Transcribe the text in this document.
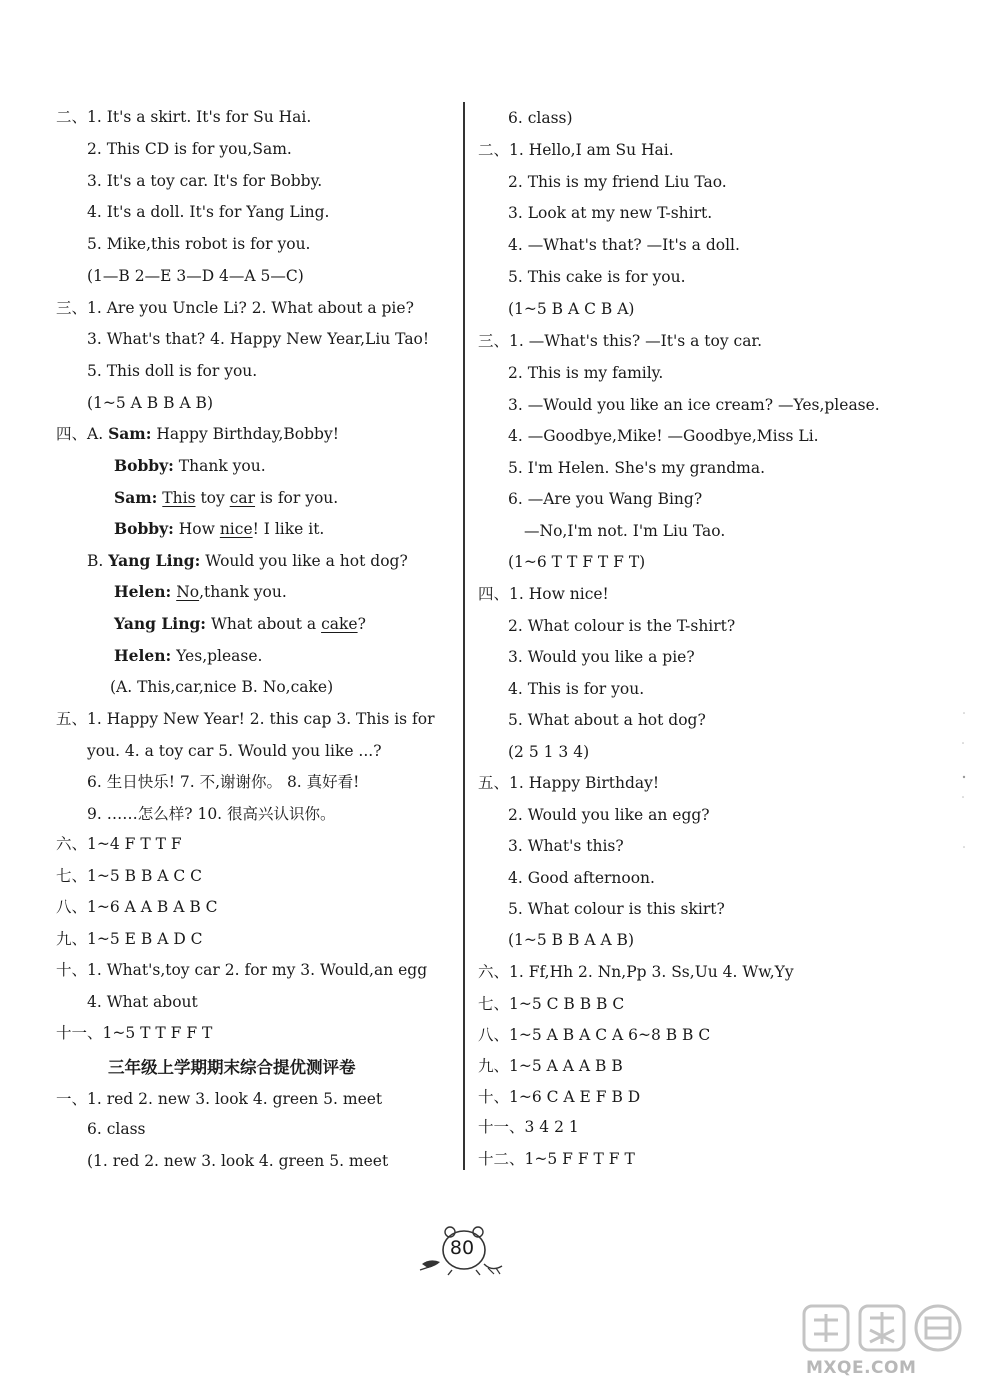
二、1. It's a skirt. It's for Su Hai.
2. This CD is for you,Sam.
3. It's a toy car. It's for Bobby.
4. It's a doll. It's for Yang Ling.
5. Mike,this robot is for you.
(1—B 2—E 3—D 4—A 5—C)
三、1. Are you Uncle Li? 2. What about a pie?
3. What's that? 4. Happy New Year,Liu Tao!
5. This doll is for you.
(1~5 A B B A B)
四、A. Sam: Happy Birthday,Bobby!
Bobby: Thank you.
Sam: This toy car is for you.
Bobby: How nice! I like it.
B. Yang Ling: Would you like a hot dog?
Helen: No,thank you.
Yang Ling: What about a cake?
Helen: Yes,please.
(A. This,car,nice B. No,cake)
五、1. Happy New Year! 2. this cap 3. This is for
you. 4. a toy car 5. Would you like ...?
6. 生日快乐! 7. 不,谢谢你。 8. 真好看!
9. ……怎么样? 10. 很高兴认识你。
六、1~4 F T T F
七、1~5 B B A C C
八、1~6 A A B A B C
九、1~5 E B A D C
十、1. What's,toy car 2. for my 3. Would,an egg
4. What about
十一、1~5 T T F F T
三年级上学期期末综合提优测评卷
一、1. red 2. new 3. look 4. green 5. meet
6. class
(1. red 2. new 3. look 4. green 5. meet
6. class)
二、1. Hello,I am Su Hai.
2. This is my friend Liu Tao.
3. Look at my new T-shirt.
4. —What's that? —It's a doll.
5. This cake is for you.
(1~5 B A C B A)
三、1. —What's this? —It's a toy car.
2. This is my family.
3. —Would you like an ice cream? —Yes,please.
4. —Goodbye,Mike! —Goodbye,Miss Li.
5. I'm Helen. She's my grandma.
6. —Are you Wang Bing?
—No,I'm not. I'm Liu Tao.
(1~6 T T F T F T)
四、1. How nice!
2. What colour is the T-shirt?
3. Would you like a pie?
4. This is for you.
5. What about a hot dog?
(2 5 1 3 4)
五、1. Happy Birthday!
2. Would you like an egg?
3. What's this?
4. Good afternoon.
5. What colour is this skirt?
(1~5 B B A A B)
六、1. Ff,Hh 2. Nn,Pp 3. Ss,Uu 4. Ww,Yy
七、1~5 C B B B C
八、1~5 A B A C A 6~8 B B C
九、1~5 A A A B B
十、1~6 C A E F B D
十一、3 4 2 1
十二、1~5 F F T F T
80
MXQE.COM
